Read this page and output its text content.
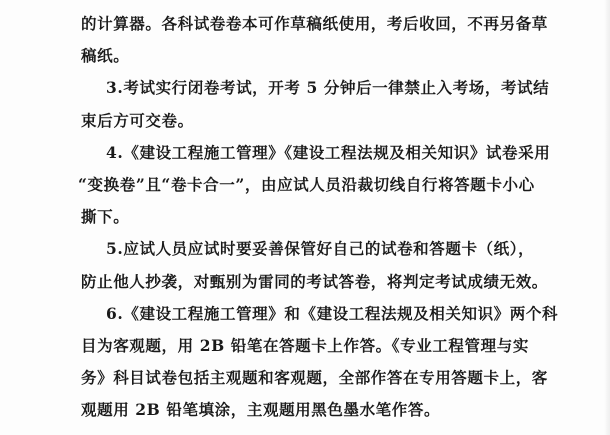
的计算器。各科试卷卷本可作草稿纸使用，考后收回，不再另备草
稿纸。
3.考试实行闭卷考试，开考 5 分钟后一律禁止入考场，考试结
束后方可交卷。
4.《建设工程施工管理》《建设工程法规及相关知识》试卷采用
“变换卷”且“卷卡合一”，由应试人员沿裁切线自行将答题卡小心
撕下。
5.应试人员应试时要妥善保管好自己的试卷和答题卡（纸），
防止他人抄袭，对甄别为雷同的考试答卷，将判定考试成绩无效。
6.《建设工程施工管理》和《建设工程法规及相关知识》两个科
目为客观题，用 2B 铅笔在答题卡上作答。《专业工程管理与实
务》科目试卷包括主观题和客观题，全部作答在专用答题卡上，客
观题用 2B 铅笔填涂，主观题用黑色墨水笔作答。
